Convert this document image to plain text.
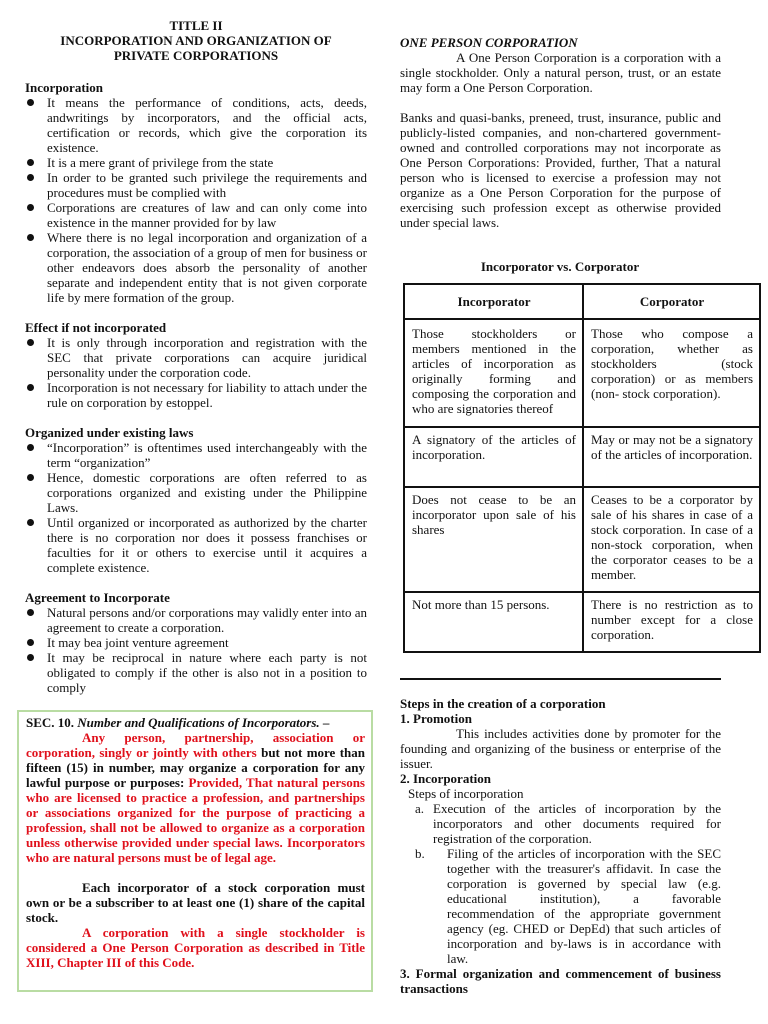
TITLE II
INCORPORATION AND ORGANIZATION OF
PRIVATE CORPORATIONS
Incorporation
It means the performance of conditions, acts, deeds, andwritings by incorporators, and the official acts, certification or records, which give the corporation its existence.
It is a mere grant of privilege from the state
In order to be granted such privilege the requirements and procedures must be complied with
Corporations are creatures of law and can only come into existence in the manner provided for by law
Where there is no legal incorporation and organization of a corporation, the association of a group of men for business or other endeavors does absorb the personality of another separate and independent entity that is not given corporate life by mere formation of the group.
Effect if not incorporated
It is only through incorporation and registration with the SEC that private corporations can acquire juridical personality under the corporation code.
Incorporation is not necessary for liability to attach under the rule on corporation by estoppel.
Organized under existing laws
“Incorporation” is oftentimes used interchangeably with the term “organization”
Hence, domestic corporations are often referred to as corporations organized and existing under the Philippine Laws.
Until organized or incorporated as authorized by the charter there is no corporation nor does it possess franchises or faculties for it or others to exercise until it acquires a complete existence.
Agreement to Incorporate
Natural persons and/or corporations may validly enter into an agreement to create a corporation.
It may bea joint venture agreement
It may be reciprocal in nature where each party is not obligated to comply if the other is also not in a position to comply

SEC. 10. Number and Qualifications of Incorporators. –

Any person, partnership, association or corporation, singly or jointly with others but not more than fifteen (15) in number, may organize a corporation for any lawful purpose or purposes: Provided, That natural persons who are licensed to practice a profession, and partnerships or associations organized for the purpose of practicing a profession, shall not be allowed to organize as a corporation unless otherwise provided under special laws. Incorporators who are natural persons must be of legal age.

Each incorporator of a stock corporation must own or be a subscriber to at least one (1) share of the capital stock.

A corporation with a single stockholder is considered a One Person Corporation as described in Title XIII, Chapter III of this Code.

ONE PERSON CORPORATION

A One Person Corporation is a corporation with a single stockholder. Only a natural person, trust, or an estate may form a One Person Corporation.

Banks and quasi-banks, preneed, trust, insurance, public and publicly-listed companies, and non-chartered government-owned and controlled corporations may not incorporate as One Person Corporations: Provided, further, That a natural person who is licensed to exercise a profession may not organize as a One Person Corporation for the purpose of exercising such profession except as otherwise provided under special laws.

Incorporator vs. Corporator
Incorporator	Corporator
Those stockholders or members mentioned in the articles of incorporation as originally forming and composing the corporation and who are signatories thereof	Those who compose a corporation, whether as stockholders (stock corporation) or as members (non- stock corporation).
A signatory of the articles of incorporation.	May or may not be a signatory of the articles of incorporation.
Does not cease to be an incorporator upon sale of his shares	Ceases to be a corporator by sale of his shares in case of a stock corporation. In case of a non-stock corporation, when the corporator ceases to be a member.
Not more than 15 persons.	There is no restriction as to number except for a close corporation.

Steps in the creation of a corporation

1. Promotion

This includes activities done by promoter for the founding and organizing of the business or enterprise of the issuer.

2. Incorporation

Steps of incorporation

a. Execution of the articles of incorporation by the incorporators and other documents required for registration of the corporation.
b. Filing of the articles of incorporation with the SEC together with the treasurer's affidavit. In case the corporation is governed by special law (e.g. educational institution), a favorable recommendation of the appropriate government agency (eg. CHED or DepEd) that such articles of incorporation and by-laws is in accordance with law.

3. Formal organization and commencement of business transactions
